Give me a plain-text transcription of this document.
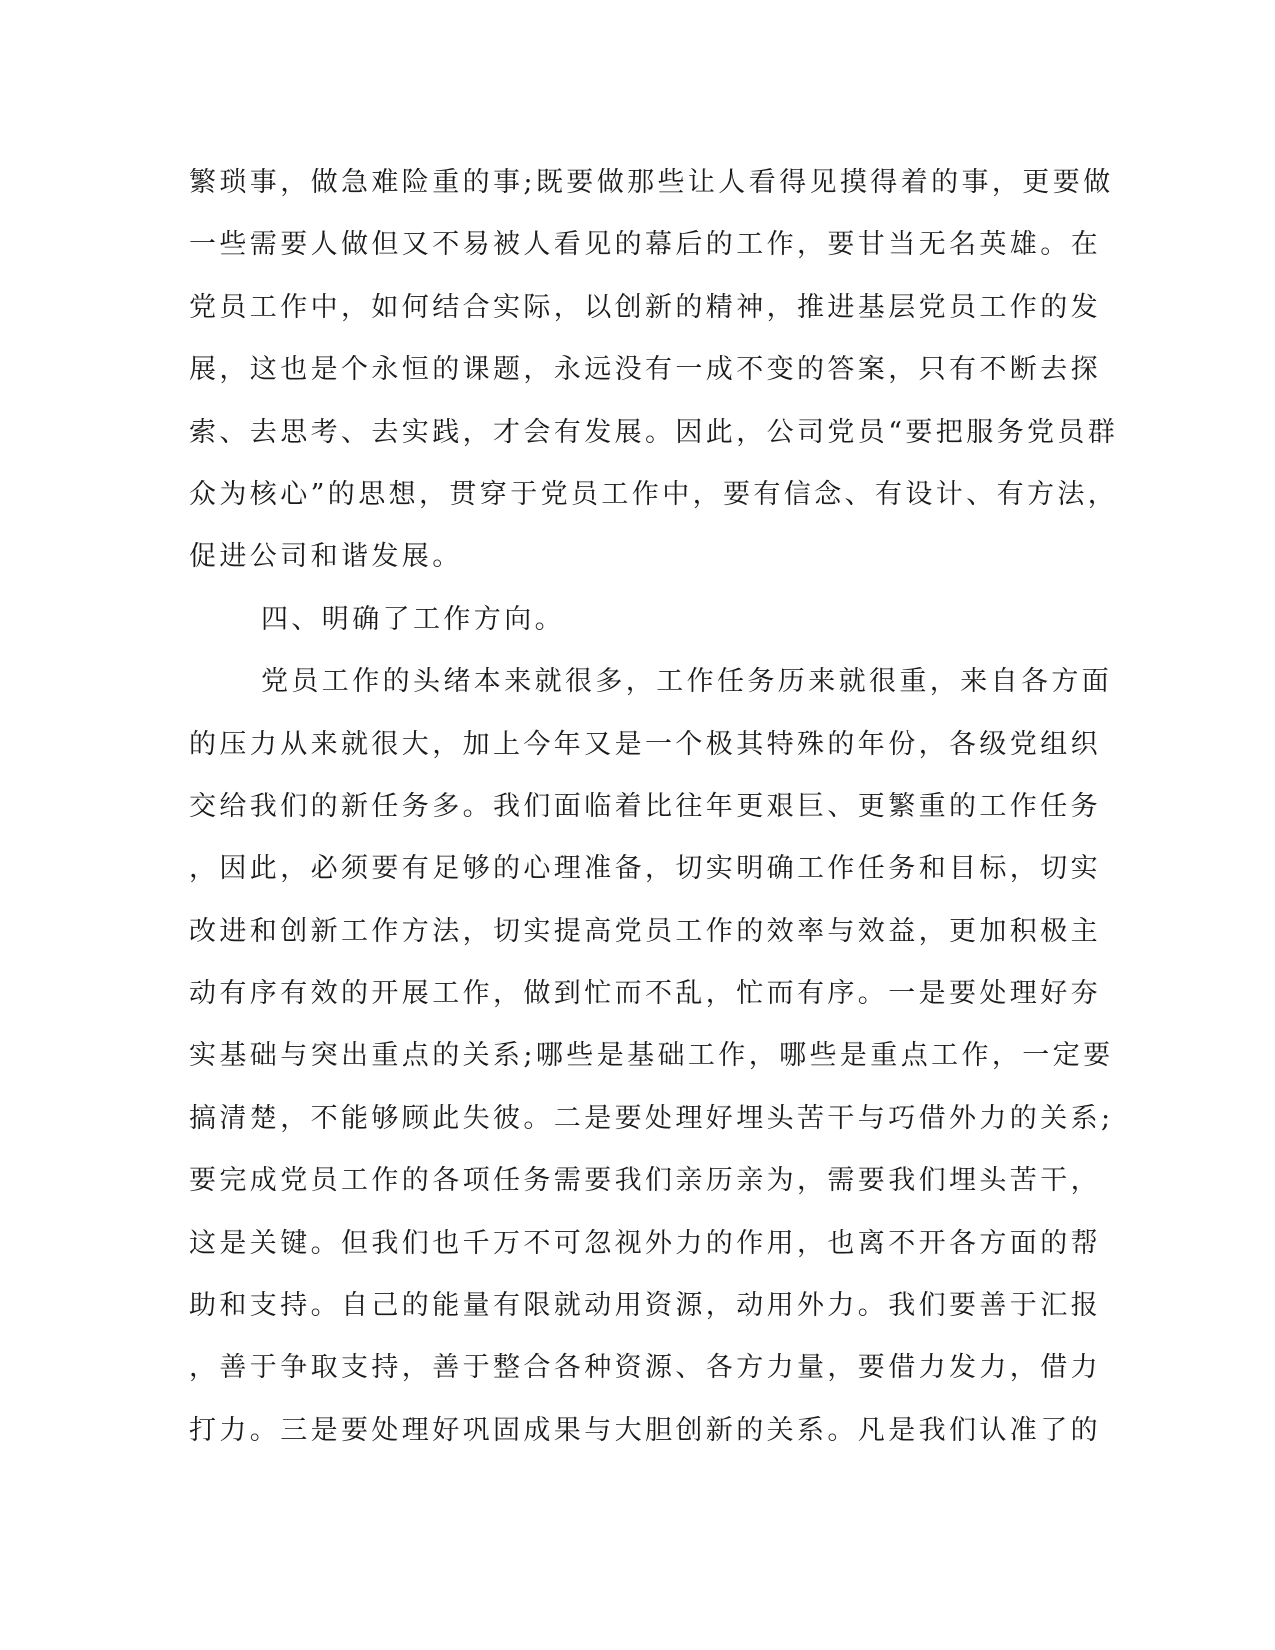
繁琐事，做急难险重的事;既要做那些让人看得见摸得着的事，更要做
一些需要人做但又不易被人看见的幕后的工作，要甘当无名英雄。在
党员工作中，如何结合实际，以创新的精神，推进基层党员工作的发
展，这也是个永恒的课题，永远没有一成不变的答案，只有不断去探
索、去思考、去实践，才会有发展。因此，公司党员“要把服务党员群
众为核心”的思想，贯穿于党员工作中，要有信念、有设计、有方法，
促进公司和谐发展。
四、明确了工作方向。
党员工作的头绪本来就很多，工作任务历来就很重，来自各方面
的压力从来就很大，加上今年又是一个极其特殊的年份，各级党组织
交给我们的新任务多。我们面临着比往年更艰巨、更繁重的工作任务
，因此，必须要有足够的心理准备，切实明确工作任务和目标，切实
改进和创新工作方法，切实提高党员工作的效率与效益，更加积极主
动有序有效的开展工作，做到忙而不乱，忙而有序。一是要处理好夯
实基础与突出重点的关系;哪些是基础工作，哪些是重点工作，一定要
搞清楚，不能够顾此失彼。二是要处理好埋头苦干与巧借外力的关系;
要完成党员工作的各项任务需要我们亲历亲为，需要我们埋头苦干，
这是关键。但我们也千万不可忽视外力的作用，也离不开各方面的帮
助和支持。自己的能量有限就动用资源，动用外力。我们要善于汇报
，善于争取支持，善于整合各种资源、各方力量，要借力发力，借力
打力。三是要处理好巩固成果与大胆创新的关系。凡是我们认准了的
